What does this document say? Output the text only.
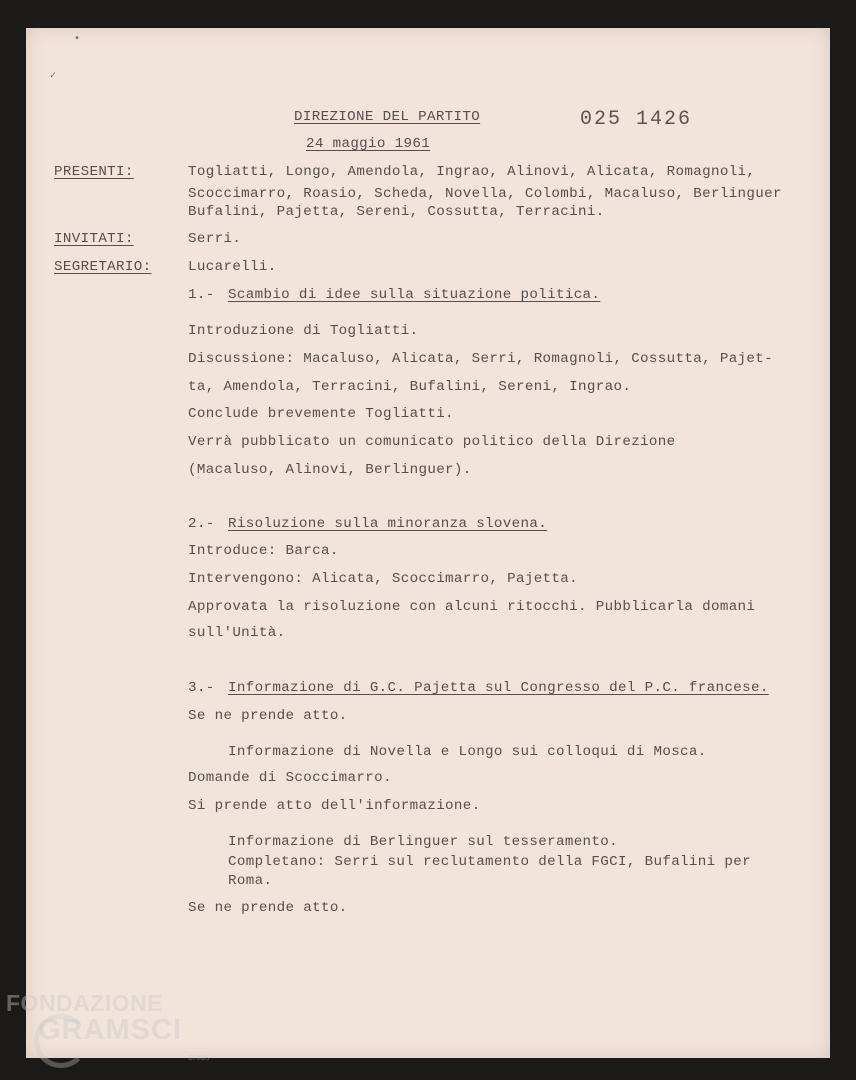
•
✓
DIREZIONE DEL PARTITO
24 maggio 1961
025 1426
PRESENTI:	Togliatti, Longo, Amendola, Ingrao, Alinovi, Alicata, Romagnoli,
Scoccimarro, Roasio, Scheda, Novella, Colombi, Macaluso, Berlinguer
Bufalini, Pajetta, Sereni, Cossutta, Terracini.
INVITATI:	Serri.
SEGRETARIO:	Lucarelli.
1.- Scambio di idee sulla situazione politica.
Introduzione di Togliatti.
Discussione: Macaluso, Alicata, Serri, Romagnoli, Cossutta, Pajet-
ta, Amendola, Terracini, Bufalini, Sereni, Ingrao.
Conclude brevemente Togliatti.
Verrà pubblicato un comunicato politico della Direzione
(Macaluso, Alinovi, Berlinguer).
2.- Risoluzione sulla minoranza slovena.
Introduce: Barca.
Intervengono: Alicata, Scoccimarro, Pajetta.
Approvata la risoluzione con alcuni ritocchi. Pubblicarla domani
sull'Unità.
3.- Informazione di G.C. Pajetta sul Congresso del P.C. francese.
Se ne prende atto.
Informazione di Novella e Longo sui colloqui di Mosca.
Domande di Scoccimarro.
Si prende atto dell'informazione.
Informazione di Berlinguer sul tesseramento.
Completano: Serri sul reclutamento della FGCI, Bufalini per
Roma.
Se ne prende atto.
FONDAZIONE
GRAMSCI
onlus
